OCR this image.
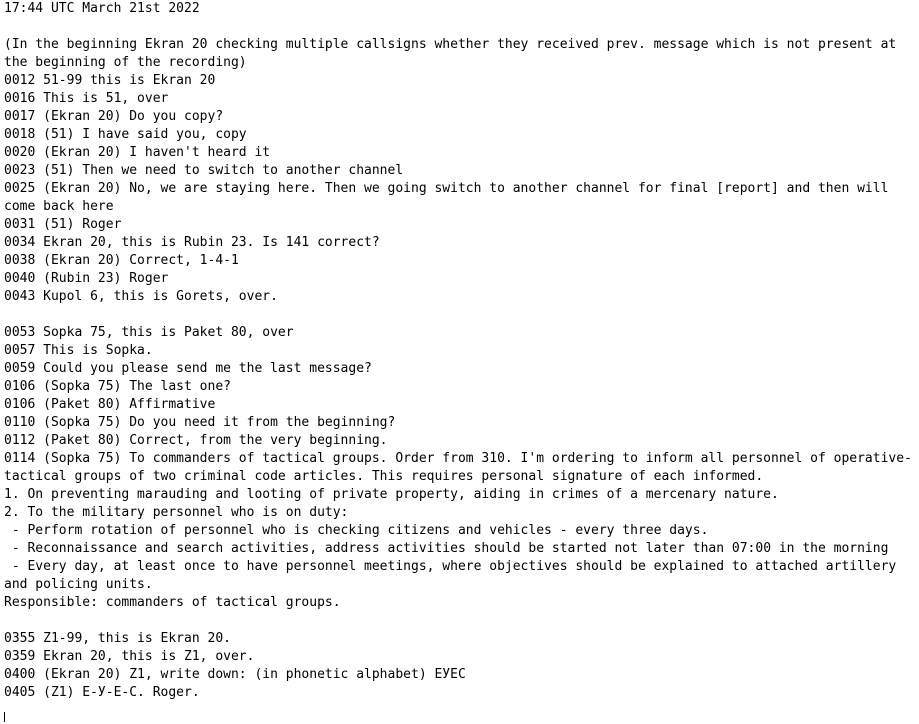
17:44 UTC March 21st 2022
(In the beginning Ekran 20 checking multiple callsigns whether they received prev. message which is not present at the beginning of the recording)
0012 51-99 this is Ekran 20
0016 This is 51, over
0017 (Ekran 20) Do you copy?
0018 (51) I have said you, copy
0020 (Ekran 20) I haven't heard it
0023 (51) Then we need to switch to another channel
0025 (Ekran 20) No, we are staying here. Then we going switch to another channel for final [report] and then will come back here
0031 (51) Roger
0034 Ekran 20, this is Rubin 23. Is 141 correct?
0038 (Ekran 20) Correct, 1-4-1
0040 (Rubin 23) Roger
0043 Kupol 6, this is Gorets, over.
0053 Sopka 75, this is Paket 80, over
0057 This is Sopka.
0059 Could you please send me the last message?
0106 (Sopka 75) The last one?
0106 (Paket 80) Affirmative
0110 (Sopka 75) Do you need it from the beginning?
0112 (Paket 80) Correct, from the very beginning.
0114 (Sopka 75) To commanders of tactical groups. Order from 310. I'm ordering to inform all personnel of operative-tactical groups of two criminal code articles. This requires personal signature of each informed.
1. On preventing marauding and looting of private property, aiding in crimes of a mercenary nature.
2. To the military personnel who is on duty:
- Perform rotation of personnel who is checking citizens and vehicles - every three days.
- Reconnaissance and search activities, address activities should be started not later than 07:00 in the morning
- Every day, at least once to have personnel meetings, where objectives should be explained to attached artillery and policing units.
Responsible: commanders of tactical groups.
0355 Z1-99, this is Ekran 20.
0359 Ekran 20, this is Z1, over.
0400 (Ekran 20) Z1, write down: (in phonetic alphabet) ЕУЕС
0405 (Z1) Е-У-Е-С. Roger.
